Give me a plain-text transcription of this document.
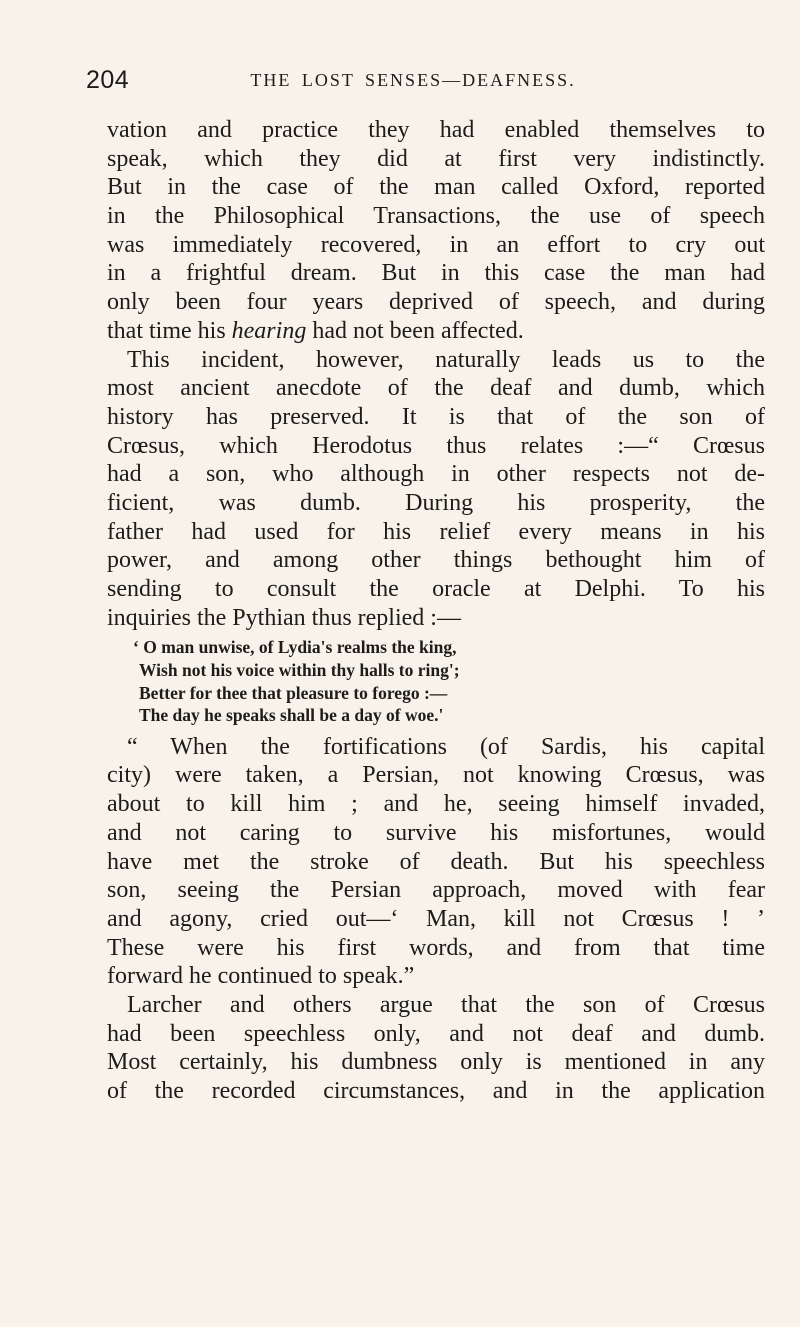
204	THE LOST SENSES—DEAFNESS.
vation and practice they had enabled themselves to
speak, which they did at first very indistinctly.
But in the case of the man called Oxford, reported
in the Philosophical Transactions, the use of speech
was immediately recovered, in an effort to cry out
in a frightful dream. But in this case the man had
only been four years deprived of speech, and during
that time his hearing had not been affected.
This incident, however, naturally leads us to the
most ancient anecdote of the deaf and dumb, which
history has preserved. It is that of the son of
Crœsus, which Herodotus thus relates :—“ Crœsus
had a son, who although in other respects not de-
ficient, was dumb. During his prosperity, the
father had used for his relief every means in his
power, and among other things bethought him of
sending to consult the oracle at Delphi. To his
inquiries the Pythian thus replied :—
‘ O man unwise, of Lydia's realms the king,
Wish not his voice within thy halls to ring';
Better for thee that pleasure to forego :—
The day he speaks shall be a day of woe.'
“ When the fortifications (of Sardis, his capital
city) were taken, a Persian, not knowing Crœsus, was
about to kill him ; and he, seeing himself invaded,
and not caring to survive his misfortunes, would
have met the stroke of death. But his speechless
son, seeing the Persian approach, moved with fear
and agony, cried out—‘ Man, kill not Crœsus ! ’
These were his first words, and from that time
forward he continued to speak.”
Larcher and others argue that the son of Crœsus
had been speechless only, and not deaf and dumb.
Most certainly, his dumbness only is mentioned in any
of the recorded circumstances, and in the application
